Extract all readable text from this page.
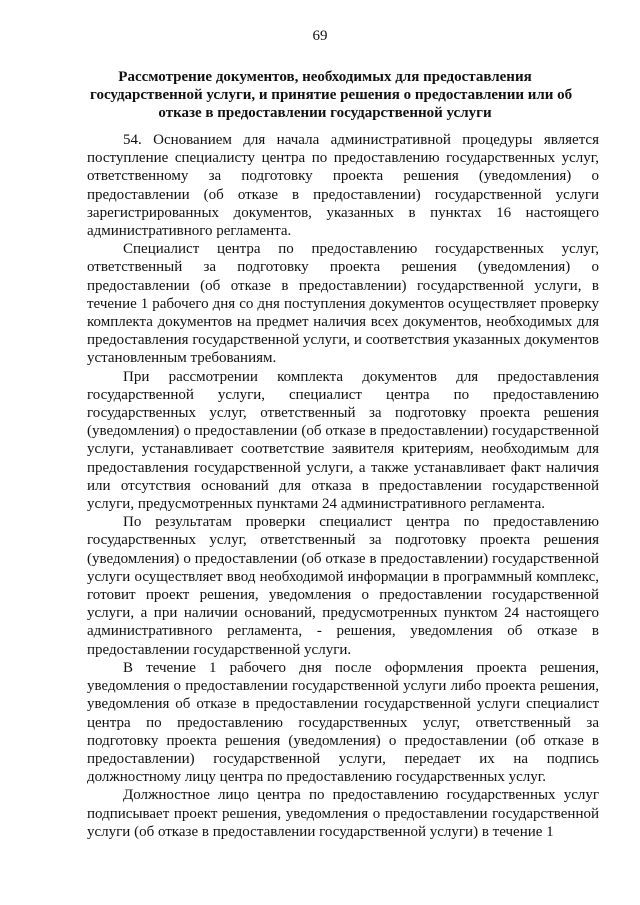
69
Рассмотрение документов, необходимых для предоставления
государственной услуги, и принятие решения о предоставлении или об
отказе в предоставлении государственной услуги

54. Основанием для начала административной процедуры является поступление специалисту центра по предоставлению государственных услуг, ответственному за подготовку проекта решения (уведомления) о предоставлении (об отказе в предоставлении) государственной услуги зарегистрированных документов, указанных в пунктах 16 настоящего административного регламента.

Специалист центра по предоставлению государственных услуг, ответственный за подготовку проекта решения (уведомления) о предоставлении (об отказе в предоставлении) государственной услуги, в течение 1 рабочего дня со дня поступления документов осуществляет проверку комплекта документов на предмет наличия всех документов, необходимых для предоставления государственной услуги, и соответствия указанных документов установленным требованиям.

При рассмотрении комплекта документов для предоставления государственной услуги, специалист центра по предоставлению государственных услуг, ответственный за подготовку проекта решения (уведомления) о предоставлении (об отказе в предоставлении) государственной услуги, устанавливает соответствие заявителя критериям, необходимым для предоставления государственной услуги, а также устанавливает факт наличия или отсутствия оснований для отказа в предоставлении государственной услуги, предусмотренных пунктами 24 административного регламента.

По результатам проверки специалист центра по предоставлению государственных услуг, ответственный за подготовку проекта решения (уведомления) о предоставлении (об отказе в предоставлении) государственной услуги осуществляет ввод необходимой информации в программный комплекс, готовит проект решения, уведомления о предоставлении государственной услуги, а при наличии оснований, предусмотренных пунктом 24 настоящего административного регламента, - решения, уведомления об отказе в предоставлении государственной услуги.

В течение 1 рабочего дня после оформления проекта решения, уведомления о предоставлении государственной услуги либо проекта решения, уведомления об отказе в предоставлении государственной услуги специалист центра по предоставлению государственных услуг, ответственный за подготовку проекта решения (уведомления) о предоставлении (об отказе в предоставлении) государственной услуги, передает их на подпись должностному лицу центра по предоставлению государственных услуг.

Должностное лицо центра по предоставлению государственных услуг подписывает проект решения, уведомления о предоставлении государственной услуги (об отказе в предоставлении государственной услуги) в течение 1
